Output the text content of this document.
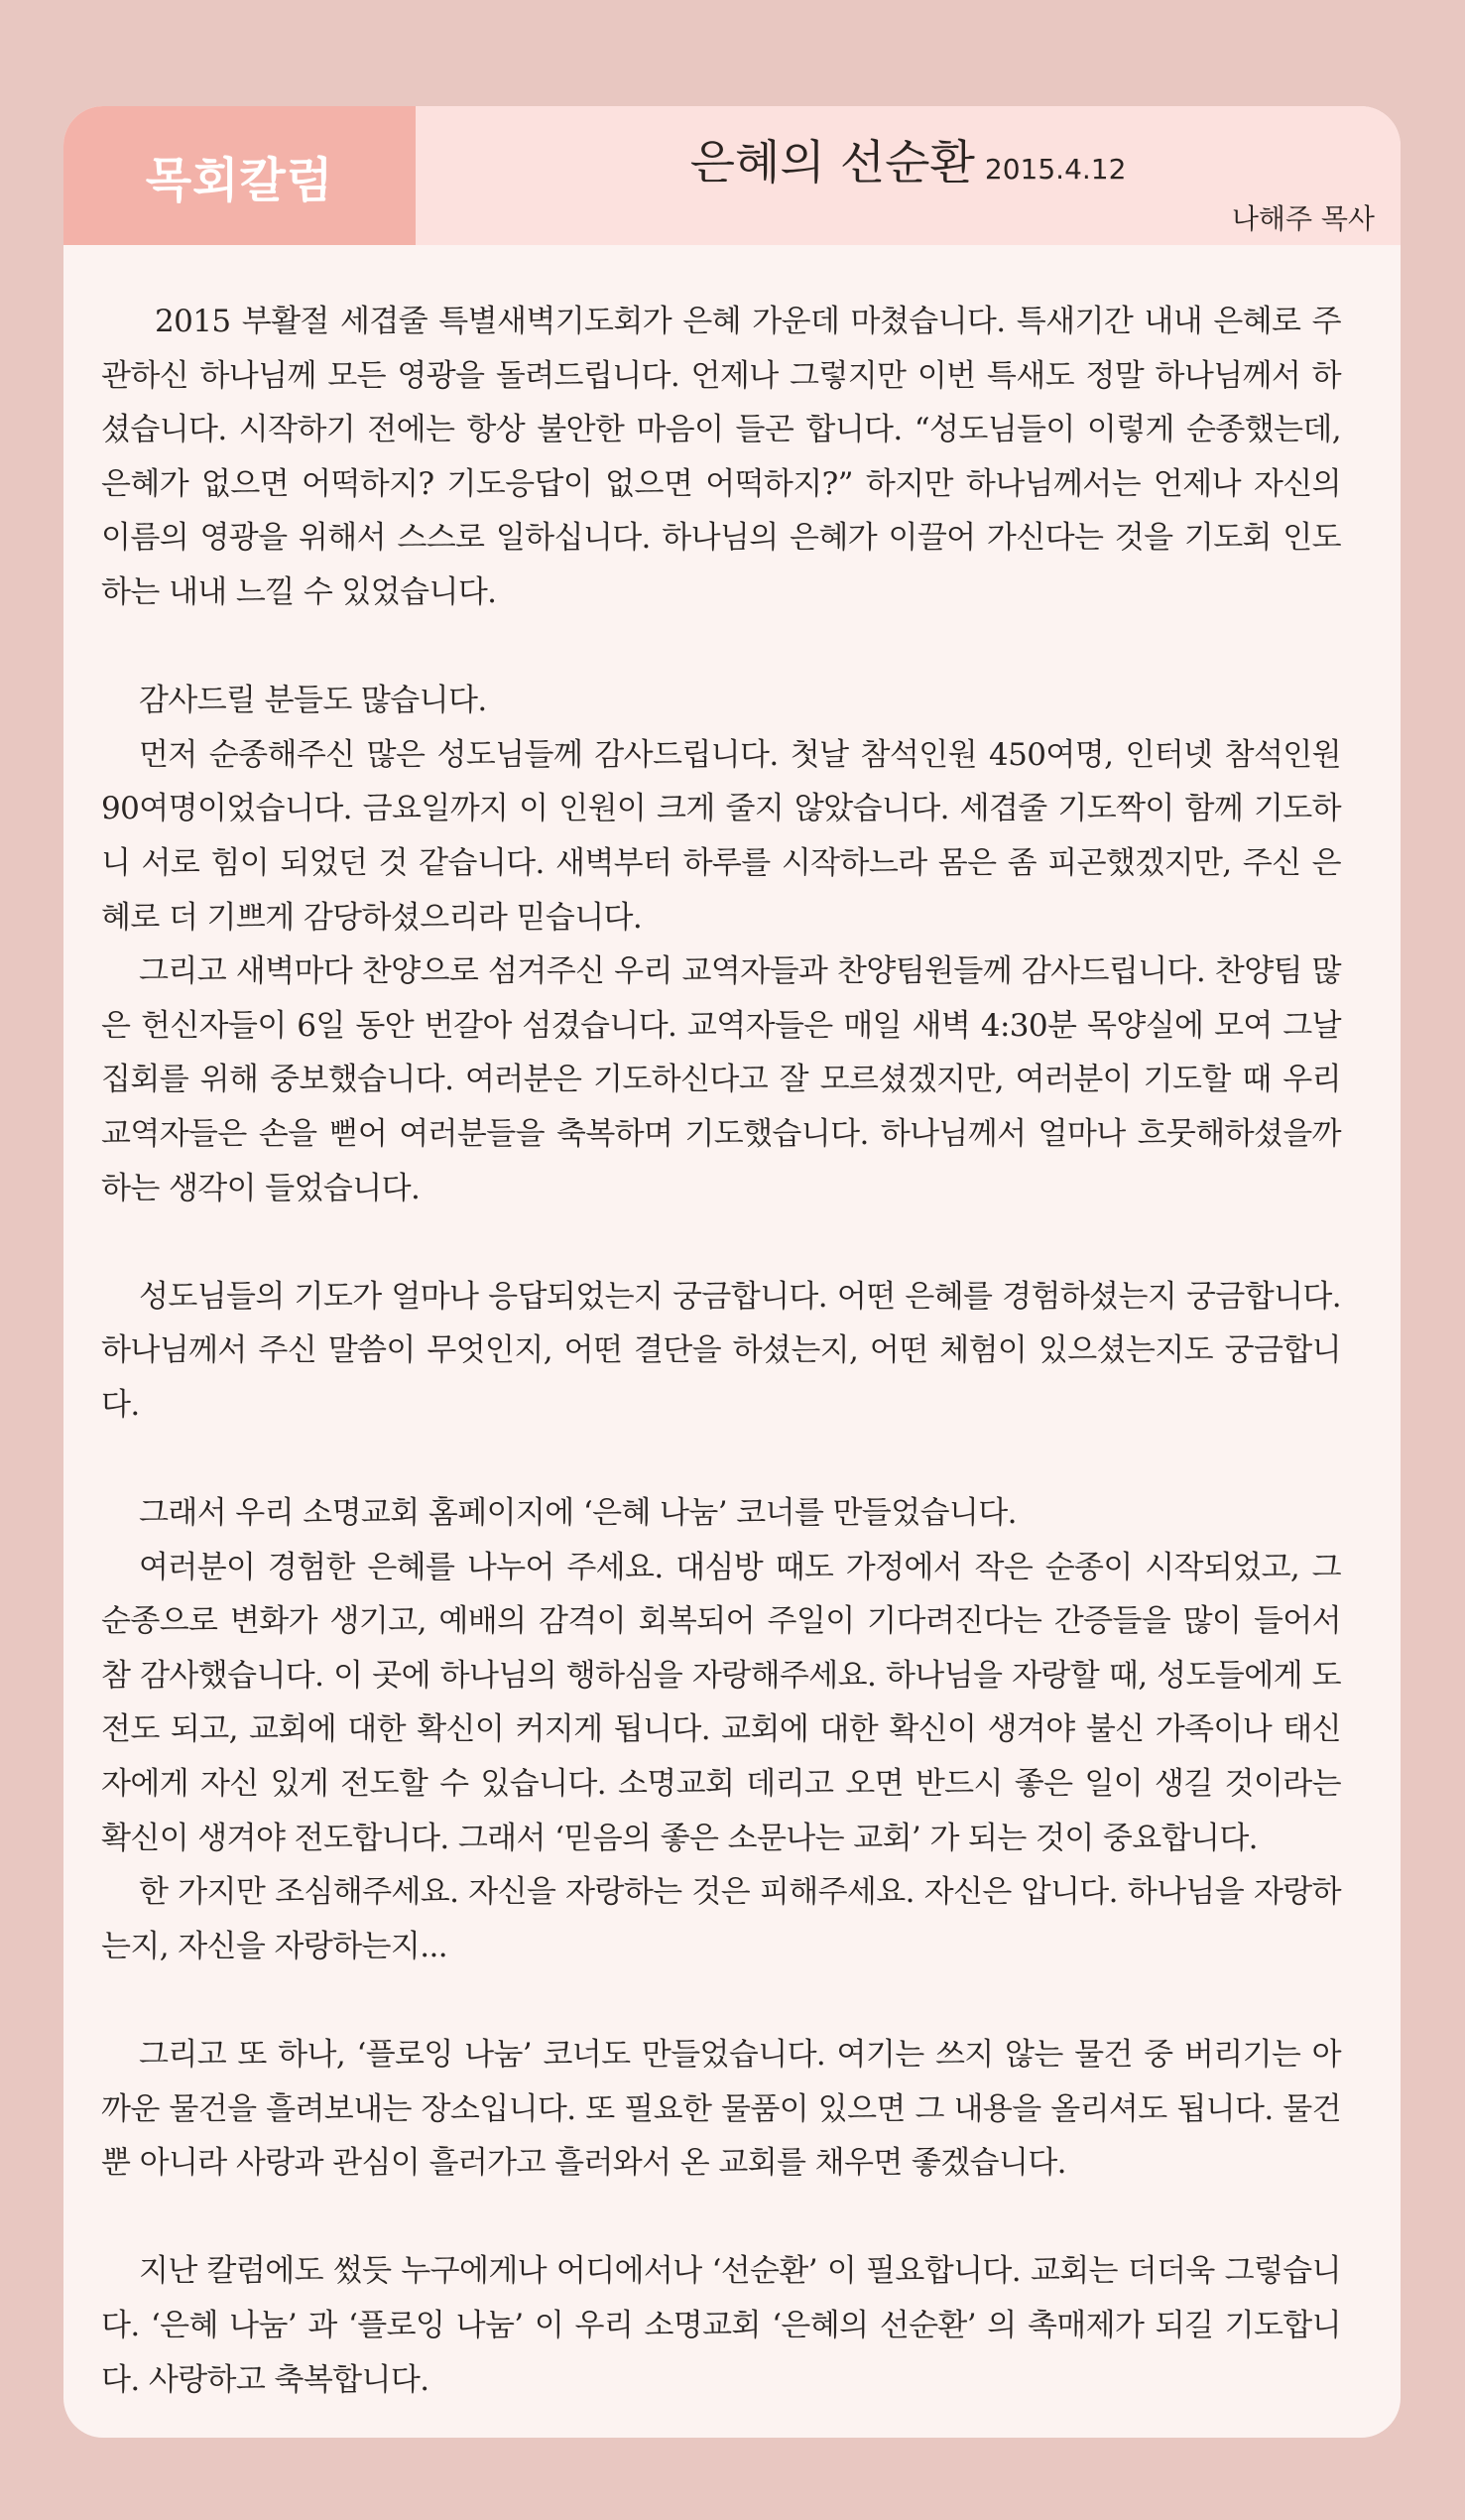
목회칼럼	은혜의 선순환 2015.4.12
나해주 목사

2015 부활절 세겹줄 특별새벽기도회가 은혜 가운데 마쳤습니다. 특새기간 내내 은혜로 주관하신 하나님께 모든 영광을 돌려드립니다. 언제나 그렇지만 이번 특새도 정말 하나님께서 하셨습니다. 시작하기 전에는 항상 불안한 마음이 들곤 합니다. “성도님들이 이렇게 순종했는데, 은혜가 없으면 어떡하지? 기도응답이 없으면 어떡하지?” 하지만 하나님께서는 언제나 자신의 이름의 영광을 위해서 스스로 일하십니다. 하나님의 은혜가 이끌어 가신다는 것을 기도회 인도하는 내내 느낄 수 있었습니다.

감사드릴 분들도 많습니다.

먼저 순종해주신 많은 성도님들께 감사드립니다. 첫날 참석인원 450여명, 인터넷 참석인원 90여명이었습니다. 금요일까지 이 인원이 크게 줄지 않았습니다. 세겹줄 기도짝이 함께 기도하니 서로 힘이 되었던 것 같습니다. 새벽부터 하루를 시작하느라 몸은 좀 피곤했겠지만, 주신 은혜로 더 기쁘게 감당하셨으리라 믿습니다.

그리고 새벽마다 찬양으로 섬겨주신 우리 교역자들과 찬양팀원들께 감사드립니다. 찬양팀 많은 헌신자들이 6일 동안 번갈아 섬겼습니다. 교역자들은 매일 새벽 4:30분 목양실에 모여 그날 집회를 위해 중보했습니다. 여러분은 기도하신다고 잘 모르셨겠지만, 여러분이 기도할 때 우리 교역자들은 손을 뻗어 여러분들을 축복하며 기도했습니다. 하나님께서 얼마나 흐뭇해하셨을까 하는 생각이 들었습니다.

성도님들의 기도가 얼마나 응답되었는지 궁금합니다. 어떤 은혜를 경험하셨는지 궁금합니다. 하나님께서 주신 말씀이 무엇인지, 어떤 결단을 하셨는지, 어떤 체험이 있으셨는지도 궁금합니다.

그래서 우리 소명교회 홈페이지에 ‘은혜 나눔’ 코너를 만들었습니다.

여러분이 경험한 은혜를 나누어 주세요. 대심방 때도 가정에서 작은 순종이 시작되었고, 그 순종으로 변화가 생기고, 예배의 감격이 회복되어 주일이 기다려진다는 간증들을 많이 들어서 참 감사했습니다. 이 곳에 하나님의 행하심을 자랑해주세요. 하나님을 자랑할 때, 성도들에게 도전도 되고, 교회에 대한 확신이 커지게 됩니다. 교회에 대한 확신이 생겨야 불신 가족이나 태신자에게 자신 있게 전도할 수 있습니다. 소명교회 데리고 오면 반드시 좋은 일이 생길 것이라는 확신이 생겨야 전도합니다. 그래서 ‘믿음의 좋은 소문나는 교회’ 가 되는 것이 중요합니다.

한 가지만 조심해주세요. 자신을 자랑하는 것은 피해주세요. 자신은 압니다. 하나님을 자랑하는지, 자신을 자랑하는지...

그리고 또 하나, ‘플로잉 나눔’ 코너도 만들었습니다. 여기는 쓰지 않는 물건 중 버리기는 아까운 물건을 흘려보내는 장소입니다. 또 필요한 물품이 있으면 그 내용을 올리셔도 됩니다. 물건뿐 아니라 사랑과 관심이 흘러가고 흘러와서 온 교회를 채우면 좋겠습니다.

지난 칼럼에도 썼듯 누구에게나 어디에서나 ‘선순환’ 이 필요합니다. 교회는 더더욱 그렇습니다. ‘은혜 나눔’ 과 ‘플로잉 나눔’ 이 우리 소명교회 ‘은혜의 선순환’ 의 촉매제가 되길 기도합니다. 사랑하고 축복합니다.
